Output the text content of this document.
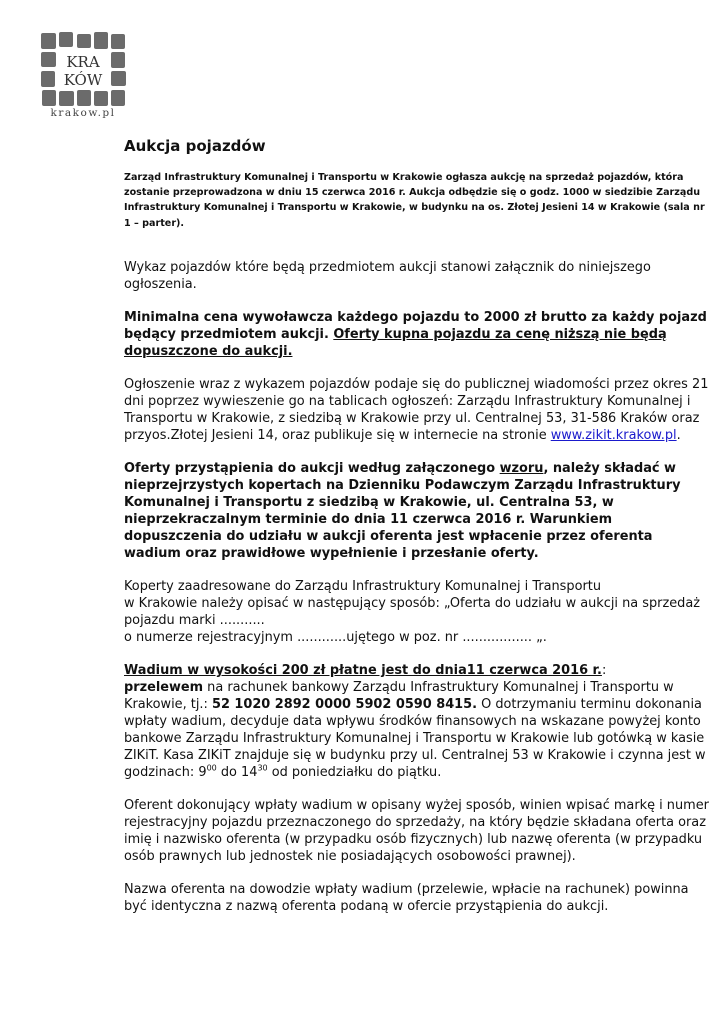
KRA
KÓW
krakow.pl
Aukcja pojazdów
Zarząd Infrastruktury Komunalnej i Transportu w Krakowie ogłasza aukcję na sprzedaż pojazdów, która zostanie przeprowadzona w dniu 15 czerwca 2016 r. Aukcja odbędzie się o godz. 1000 w siedzibie Zarządu Infrastruktury Komunalnej i Transportu w Krakowie, w budynku na os. Złotej Jesieni 14 w Krakowie (sala nr 1 – parter).

Wykaz pojazdów które będą przedmiotem aukcji stanowi załącznik do niniejszego ogłoszenia.

Minimalna cena wywoławcza każdego pojazdu to 2000 zł brutto za każdy pojazd będący przedmiotem aukcji. Oferty kupna pojazdu za cenę niższą nie będą dopuszczone do aukcji.

Ogłoszenie wraz z wykazem pojazdów podaje się do publicznej wiadomości przez okres 21 dni poprzez wywieszenie go na tablicach ogłoszeń: Zarządu Infrastruktury Komunalnej i Transportu w Krakowie, z siedzibą w Krakowie przy ul. Centralnej 53, 31-586 Kraków oraz przyos.Złotej Jesieni 14, oraz publikuje się w internecie na stronie www.zikit.krakow.pl.

Oferty przystąpienia do aukcji według załączonego wzoru, należy składać w nieprzejrzystych kopertach na Dzienniku Podawczym Zarządu Infrastruktury Komunalnej i Transportu z siedzibą w Krakowie, ul. Centralna 53, w nieprzekraczalnym terminie do dnia 11 czerwca 2016 r. Warunkiem dopuszczenia do udziału w aukcji oferenta jest wpłacenie przez oferenta wadium oraz prawidłowe wypełnienie i przesłanie oferty.

Koperty zaadresowane do Zarządu Infrastruktury Komunalnej i Transportu
w Krakowie należy opisać w następujący sposób: „Oferta do udziału w aukcji na sprzedaż pojazdu marki ...........
o numerze rejestracyjnym ............ujętego w poz. nr ................. „.

Wadium w wysokości 200 zł płatne jest do dnia11 czerwca 2016 r.:
przelewem na rachunek bankowy Zarządu Infrastruktury Komunalnej i Transportu w Krakowie, tj.: 52 1020 2892 0000 5902 0590 8415. O dotrzymaniu terminu dokonania wpłaty wadium, decyduje data wpływu środków finansowych na wskazane powyżej konto bankowe Zarządu Infrastruktury Komunalnej i Transportu w Krakowie lub gotówką w kasie ZIKiT. Kasa ZIKiT znajduje się w budynku przy ul. Centralnej 53 w Krakowie i czynna jest w godzinach: $9^{00}$ do $14^{30}$ od poniedziałku do piątku.

Oferent dokonujący wpłaty wadium w opisany wyżej sposób, winien wpisać markę i numer rejestracyjny pojazdu przeznaczonego do sprzedaży, na który będzie składana oferta oraz imię i nazwisko oferenta (w przypadku osób fizycznych) lub nazwę oferenta (w przypadku osób prawnych lub jednostek nie posiadających osobowości prawnej).

Nazwa oferenta na dowodzie wpłaty wadium (przelewie, wpłacie na rachunek) powinna być identyczna z nazwą oferenta podaną w ofercie przystąpienia do aukcji.
